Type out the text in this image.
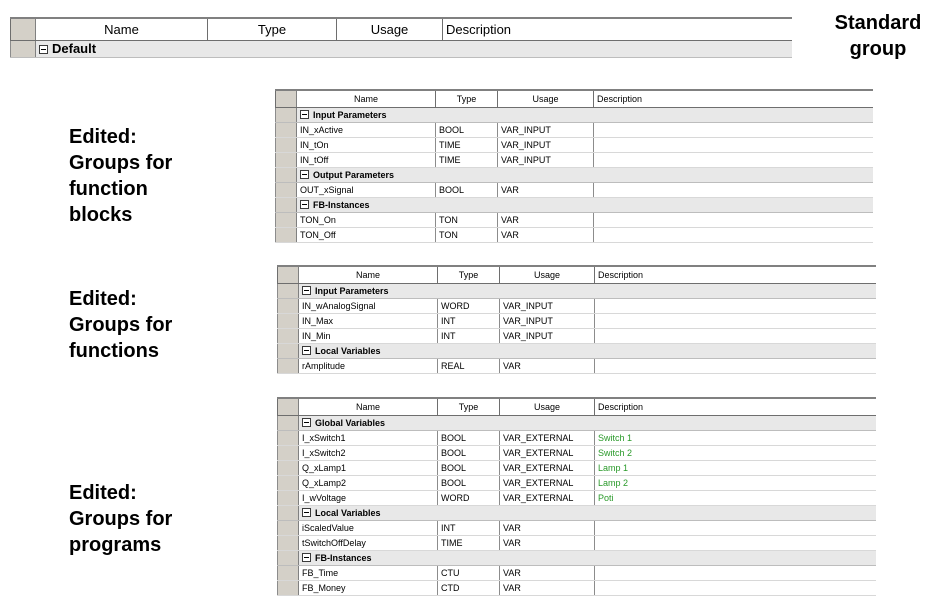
	Name	Type	Usage	Description
	Default			
Standard
group
Edited:
Groups for
function
blocks
Edited:
Groups for
functions
Edited:
Groups for
programs
	Name	Type	Usage	Description
	Input Parameters			
	IN_xActive	BOOL	VAR_INPUT	
	IN_tOn	TIME	VAR_INPUT	
	IN_tOff	TIME	VAR_INPUT	
	Output Parameters			
	OUT_xSignal	BOOL	VAR	
	FB-Instances			
	TON_On	TON	VAR	
	TON_Off	TON	VAR	
	Name	Type	Usage	Description
	Input Parameters			
	IN_wAnalogSignal	WORD	VAR_INPUT	
	IN_Max	INT	VAR_INPUT	
	IN_Min	INT	VAR_INPUT	
	Local Variables			
	rAmplitude	REAL	VAR	
	Name	Type	Usage	Description
	Global Variables			
	I_xSwitch1	BOOL	VAR_EXTERNAL	Switch 1
	I_xSwitch2	BOOL	VAR_EXTERNAL	Switch 2
	Q_xLamp1	BOOL	VAR_EXTERNAL	Lamp 1
	Q_xLamp2	BOOL	VAR_EXTERNAL	Lamp 2
	I_wVoltage	WORD	VAR_EXTERNAL	Poti
	Local Variables			
	iScaledValue	INT	VAR	
	tSwitchOffDelay	TIME	VAR	
	FB-Instances			
	FB_Time	CTU	VAR	
	FB_Money	CTD	VAR	
